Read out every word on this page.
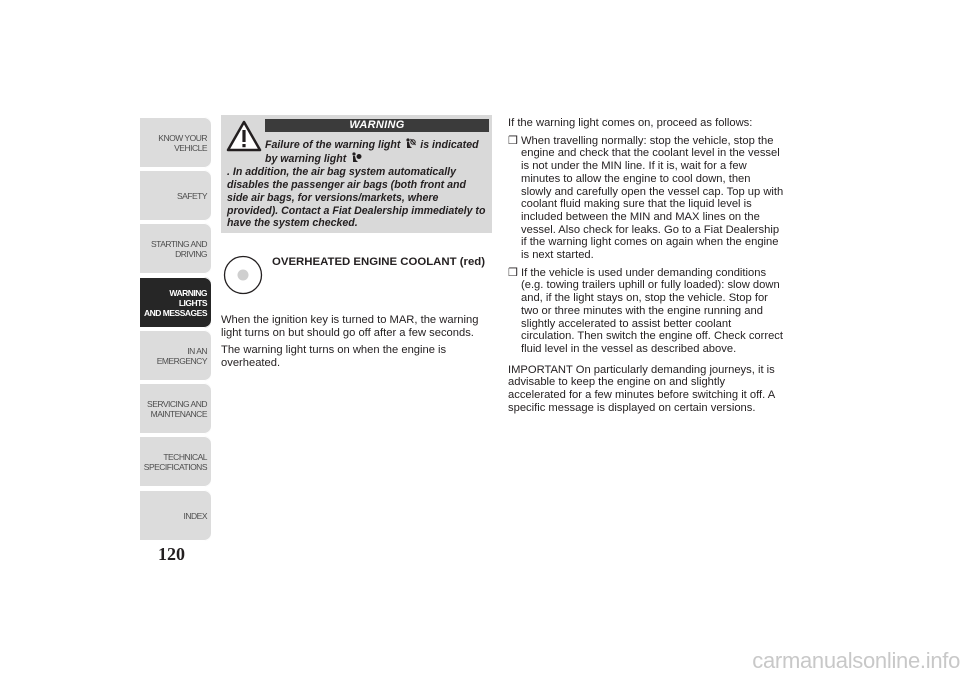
KNOW YOUR
VEHICLE
SAFETY
STARTING AND
DRIVING
WARNING LIGHTS
AND MESSAGES
IN AN EMERGENCY
SERVICING AND
MAINTENANCE
TECHNICAL
SPECIFICATIONS
INDEX
120
WARNING
Failure of the warning light is indicated by warning light
. In addition, the air bag system automatically disables the passenger air bags (both front and side air bags, for versions/markets, where provided). Contact a Fiat Dealership immediately to have the system checked.
OVERHEATED ENGINE COOLANT (red)

When the ignition key is turned to MAR, the warning light turns on but should go off after a few seconds.

The warning light turns on when the engine is overheated.

If the warning light comes on, proceed as follows:

❒ When travelling normally: stop the vehicle, stop the engine and check that the coolant level in the vessel is not under the MIN line. If it is, wait for a few minutes to allow the engine to cool down, then slowly and carefully open the vessel cap. Top up with coolant fluid making sure that the liquid level is included between the MIN and MAX lines on the vessel. Also check for leaks. Go to a Fiat Dealership if the warning light comes on again when the engine is next started.
❒ If the vehicle is used under demanding conditions (e.g. towing trailers uphill or fully loaded): slow down and, if the light stays on, stop the vehicle. Stop for two or three minutes with the engine running and slightly accelerated to assist better coolant circulation. Then switch the engine off. Check correct fluid level in the vessel as described above.

IMPORTANT On particularly demanding journeys, it is advisable to keep the engine on and slightly accelerated for a few minutes before switching it off. A specific message is displayed on certain versions.

carmanualsonline.info
